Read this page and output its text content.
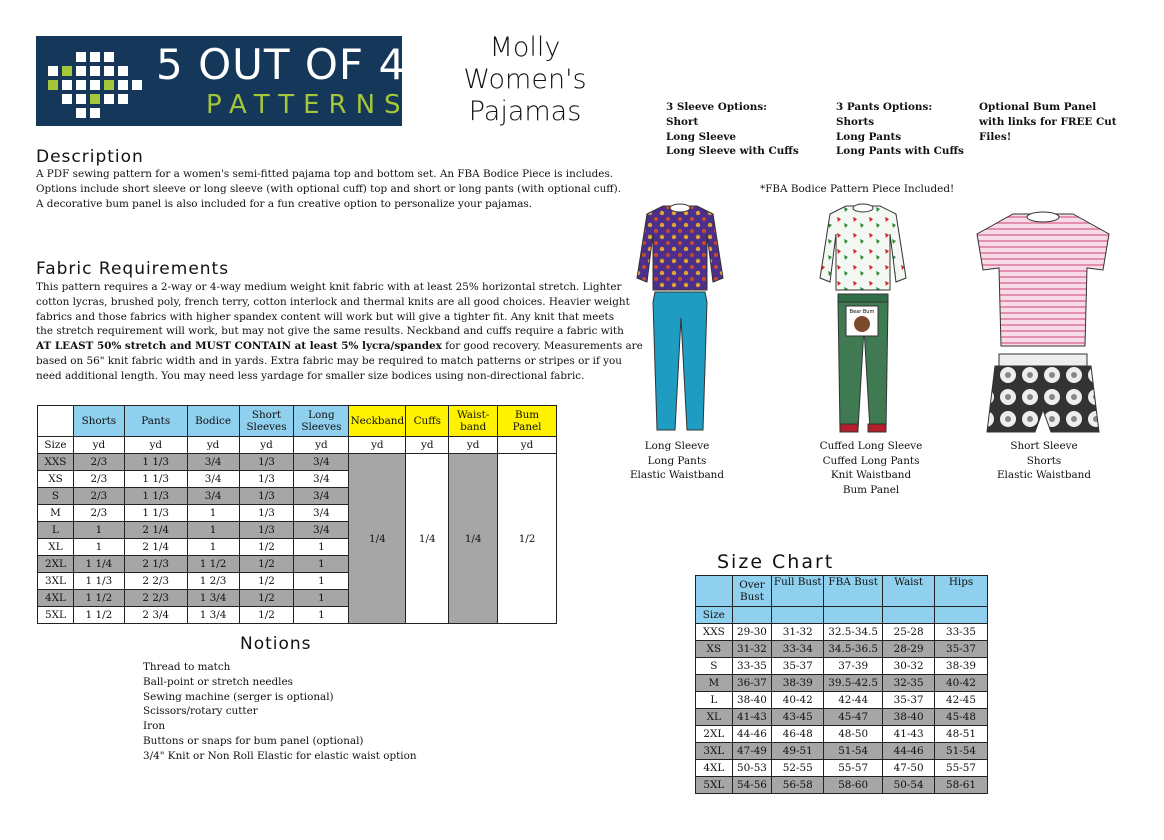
5 OUT OF 4
PATTERNS
Molly
Women's
Pajamas
Description
A PDF sewing pattern for a women's semi-fitted pajama top and bottom set. An FBA Bodice Piece is includes.
Options include short sleeve or long sleeve (with optional cuff) top and short or long pants (with optional cuff).
A decorative bum panel is also included for a fun creative option to personalize your pajamas.
Fabric Requirements
This pattern requires a 2-way or 4-way medium weight knit fabric with at least 25% horizontal stretch. Lighter
cotton lycras, brushed poly, french terry, cotton interlock and thermal knits are all good choices. Heavier weight
fabrics and those fabrics with higher spandex content will work but will give a tighter fit. Any knit that meets
the stretch requirement will work, but may not give the same results. Neckband and cuffs require a fabric with
AT LEAST 50% stretch and MUST CONTAIN at least 5% lycra/spandex for good recovery. Measurements are
based on 56" knit fabric width and in yards. Extra fabric may be required to match patterns or stripes or if you
need additional length. You may need less yardage for smaller size bodices using non-directional fabric.
3 Sleeve Options:
Short
Long Sleeve
Long Sleeve with Cuffs
3 Pants Options:
Shorts
Long Pants
Long Pants with Cuffs
Optional Bum Panel
with links for FREE Cut
Files!
*FBA Bodice Pattern Piece Included!
Bear Bum
Long Sleeve
Long Pants
Elastic Waistband
Cuffed Long Sleeve
Cuffed Long Pants
Knit Waistband
Bum Panel
Short Sleeve
Shorts
Elastic Waistband
	Shorts	Pants	Bodice	Short
Sleeves	Long
Sleeves	Neckband	Cuffs	Waist-
band	Bum
Panel
Size	yd	yd	yd	yd	yd	yd	yd	yd	yd
XXS	2/3	1 1/3	3/4	1/3	3/4	1/4	1/4	1/4	1/2
XS	2/3	1 1/3	3/4	1/3	3/4				
S	2/3	1 1/3	3/4	1/3	3/4				
M	2/3	1 1/3	1	1/3	3/4				
L	1	2 1/4	1	1/3	3/4				
XL	1	2 1/4	1	1/2	1				
2XL	1 1/4	2 1/3	1 1/2	1/2	1				
3XL	1 1/3	2 2/3	1 2/3	1/2	1				
4XL	1 1/2	2 2/3	1 3/4	1/2	1				
5XL	1 1/2	2 3/4	1 3/4	1/2	1				
Notions
Thread to match
Ball-point or stretch needles
Sewing machine (serger is optional)
Scissors/rotary cutter
Iron
Buttons or snaps for bum panel (optional)
3/4" Knit or Non Roll Elastic for elastic waist option
Size Chart
	Over
Bust	Full Bust	FBA Bust	Waist	Hips
Size					
XXS	29-30	31-32	32.5-34.5	25-28	33-35
XS	31-32	33-34	34.5-36.5	28-29	35-37
S	33-35	35-37	37-39	30-32	38-39
M	36-37	38-39	39.5-42.5	32-35	40-42
L	38-40	40-42	42-44	35-37	42-45
XL	41-43	43-45	45-47	38-40	45-48
2XL	44-46	46-48	48-50	41-43	48-51
3XL	47-49	49-51	51-54	44-46	51-54
4XL	50-53	52-55	55-57	47-50	55-57
5XL	54-56	56-58	58-60	50-54	58-61
